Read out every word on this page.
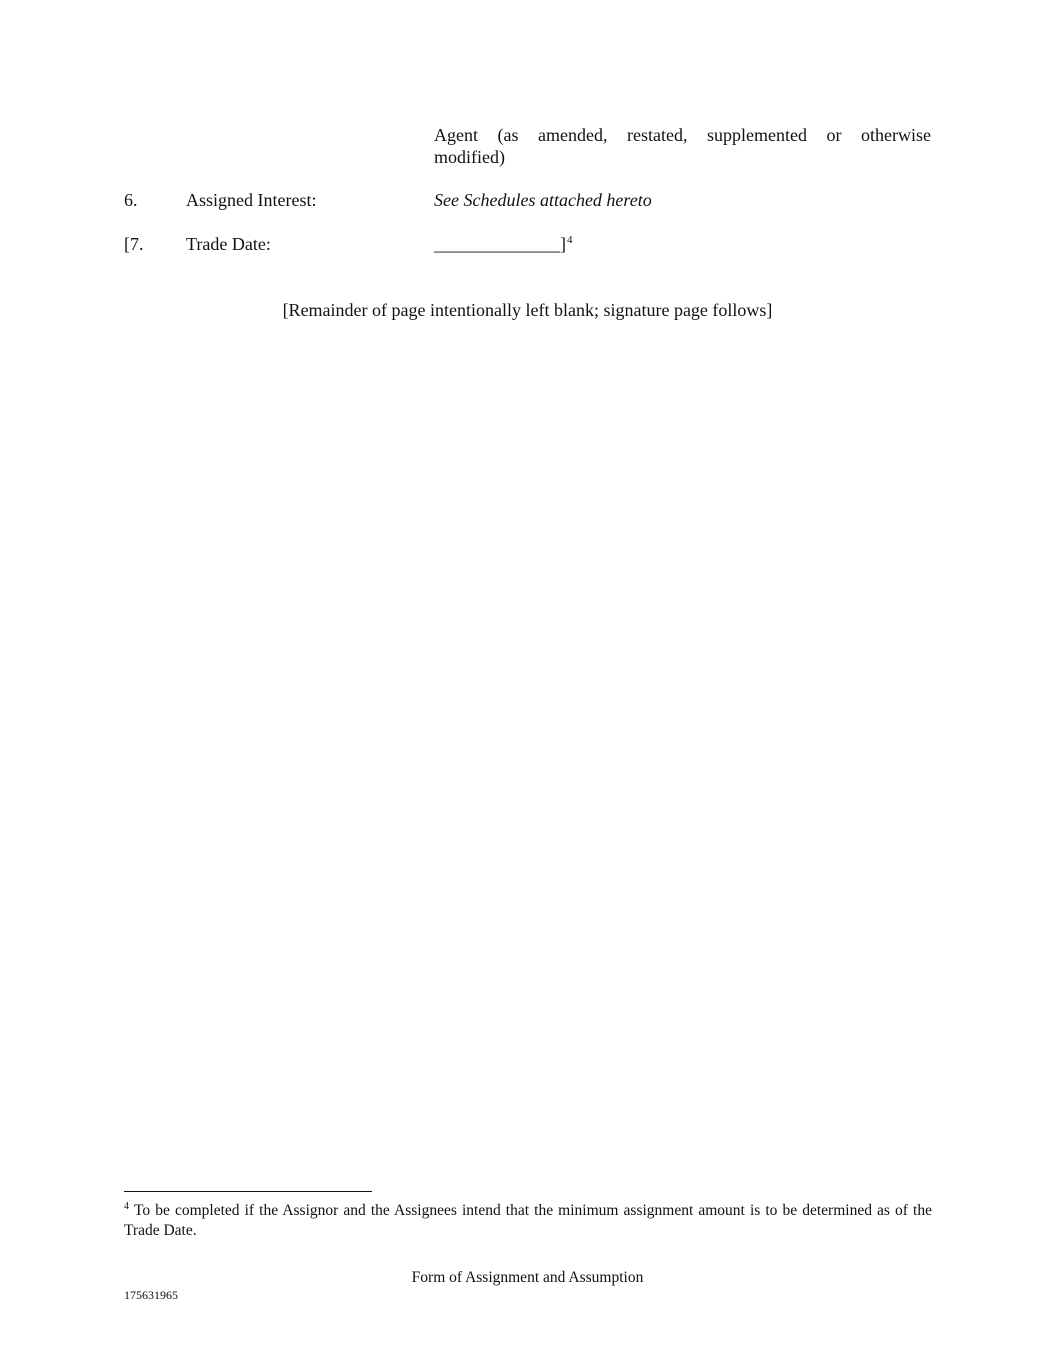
Agent (as amended, restated, supplemented or otherwise
modified)
6.	Assigned Interest:	See Schedules attached hereto
[7. Trade Date:	______________]$^4$
[Remainder of page intentionally left blank; signature page follows]
$^4$ To be completed if the Assignor and the Assignees intend that the minimum assignment amount is to be determined as of the Trade Date.
Form of Assignment and Assumption
175631965
